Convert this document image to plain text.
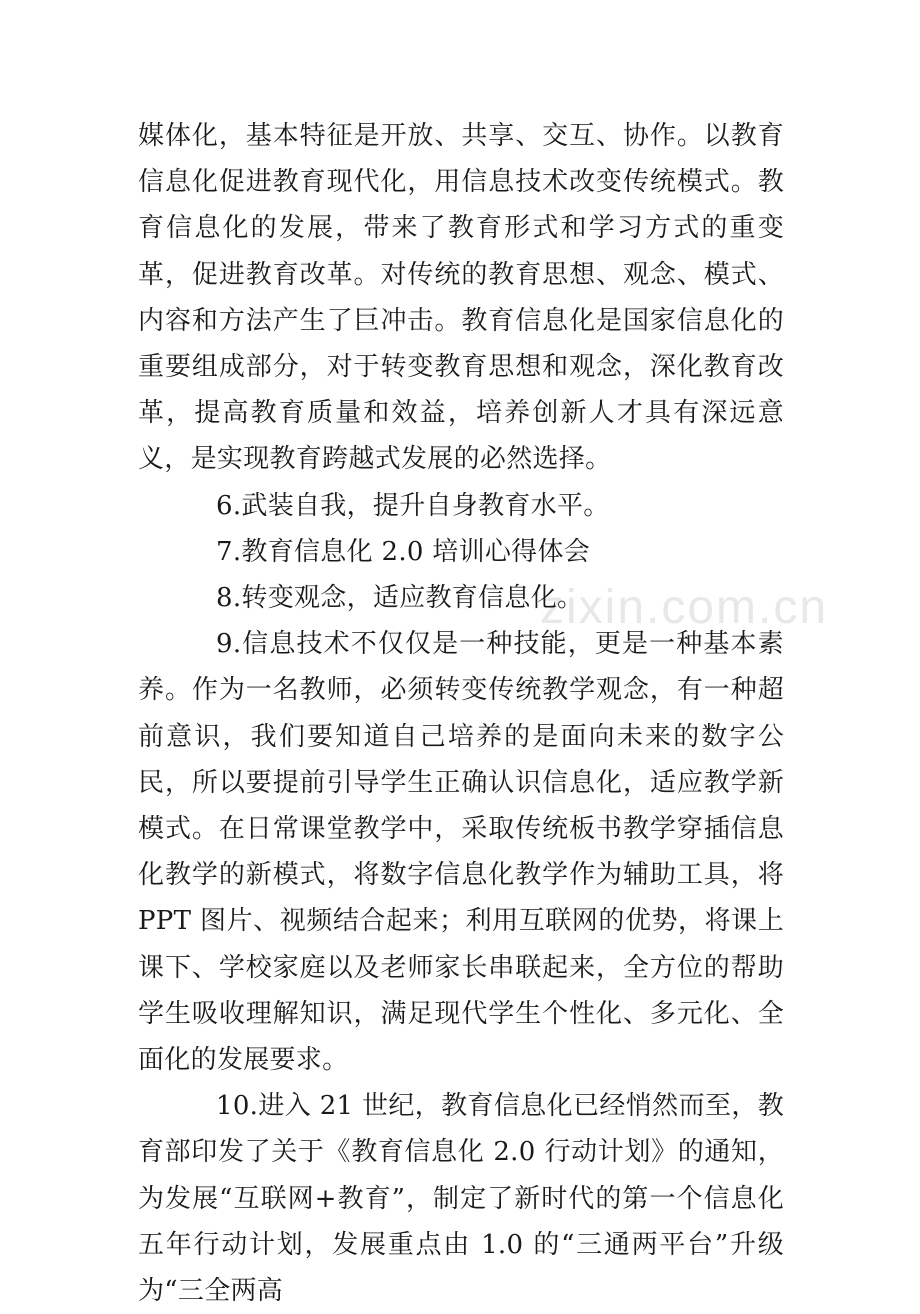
zixin.com.cn

媒体化，基本特征是开放、共享、交互、协作。以教育信息化促进教育现代化，用信息技术改变传统模式。教育信息化的发展，带来了教育形式和学习方式的重变革，促进教育改革。对传统的教育思想、观念、模式、内容和方法产生了巨冲击。教育信息化是国家信息化的重要组成部分，对于转变教育思想和观念，深化教育改革，提高教育质量和效益，培养创新人才具有深远意义，是实现教育跨越式发展的必然选择。

6.武装自我，提升自身教育水平。

7.教育信息化 2.0 培训心得体会

8.转变观念，适应教育信息化。

9.信息技术不仅仅是一种技能，更是一种基本素养。作为一名教师，必须转变传统教学观念，有一种超前意识，我们要知道自己培养的是面向未来的数字公民，所以要提前引导学生正确认识信息化，适应教学新模式。在日常课堂教学中，采取传统板书教学穿插信息化教学的新模式，将数字信息化教学作为辅助工具，将 PPT 图片、视频结合起来；利用互联网的优势，将课上课下、学校家庭以及老师家长串联起来，全方位的帮助学生吸收理解知识，满足现代学生个性化、多元化、全面化的发展要求。

10.进入 21 世纪，教育信息化已经悄然而至，教育部印发了关于《教育信息化 2.0 行动计划》的通知，为发展“互联网+教育”，制定了新时代的第一个信息化五年行动计划，发展重点由 1.0 的“三通两平台”升级为“三全两高
